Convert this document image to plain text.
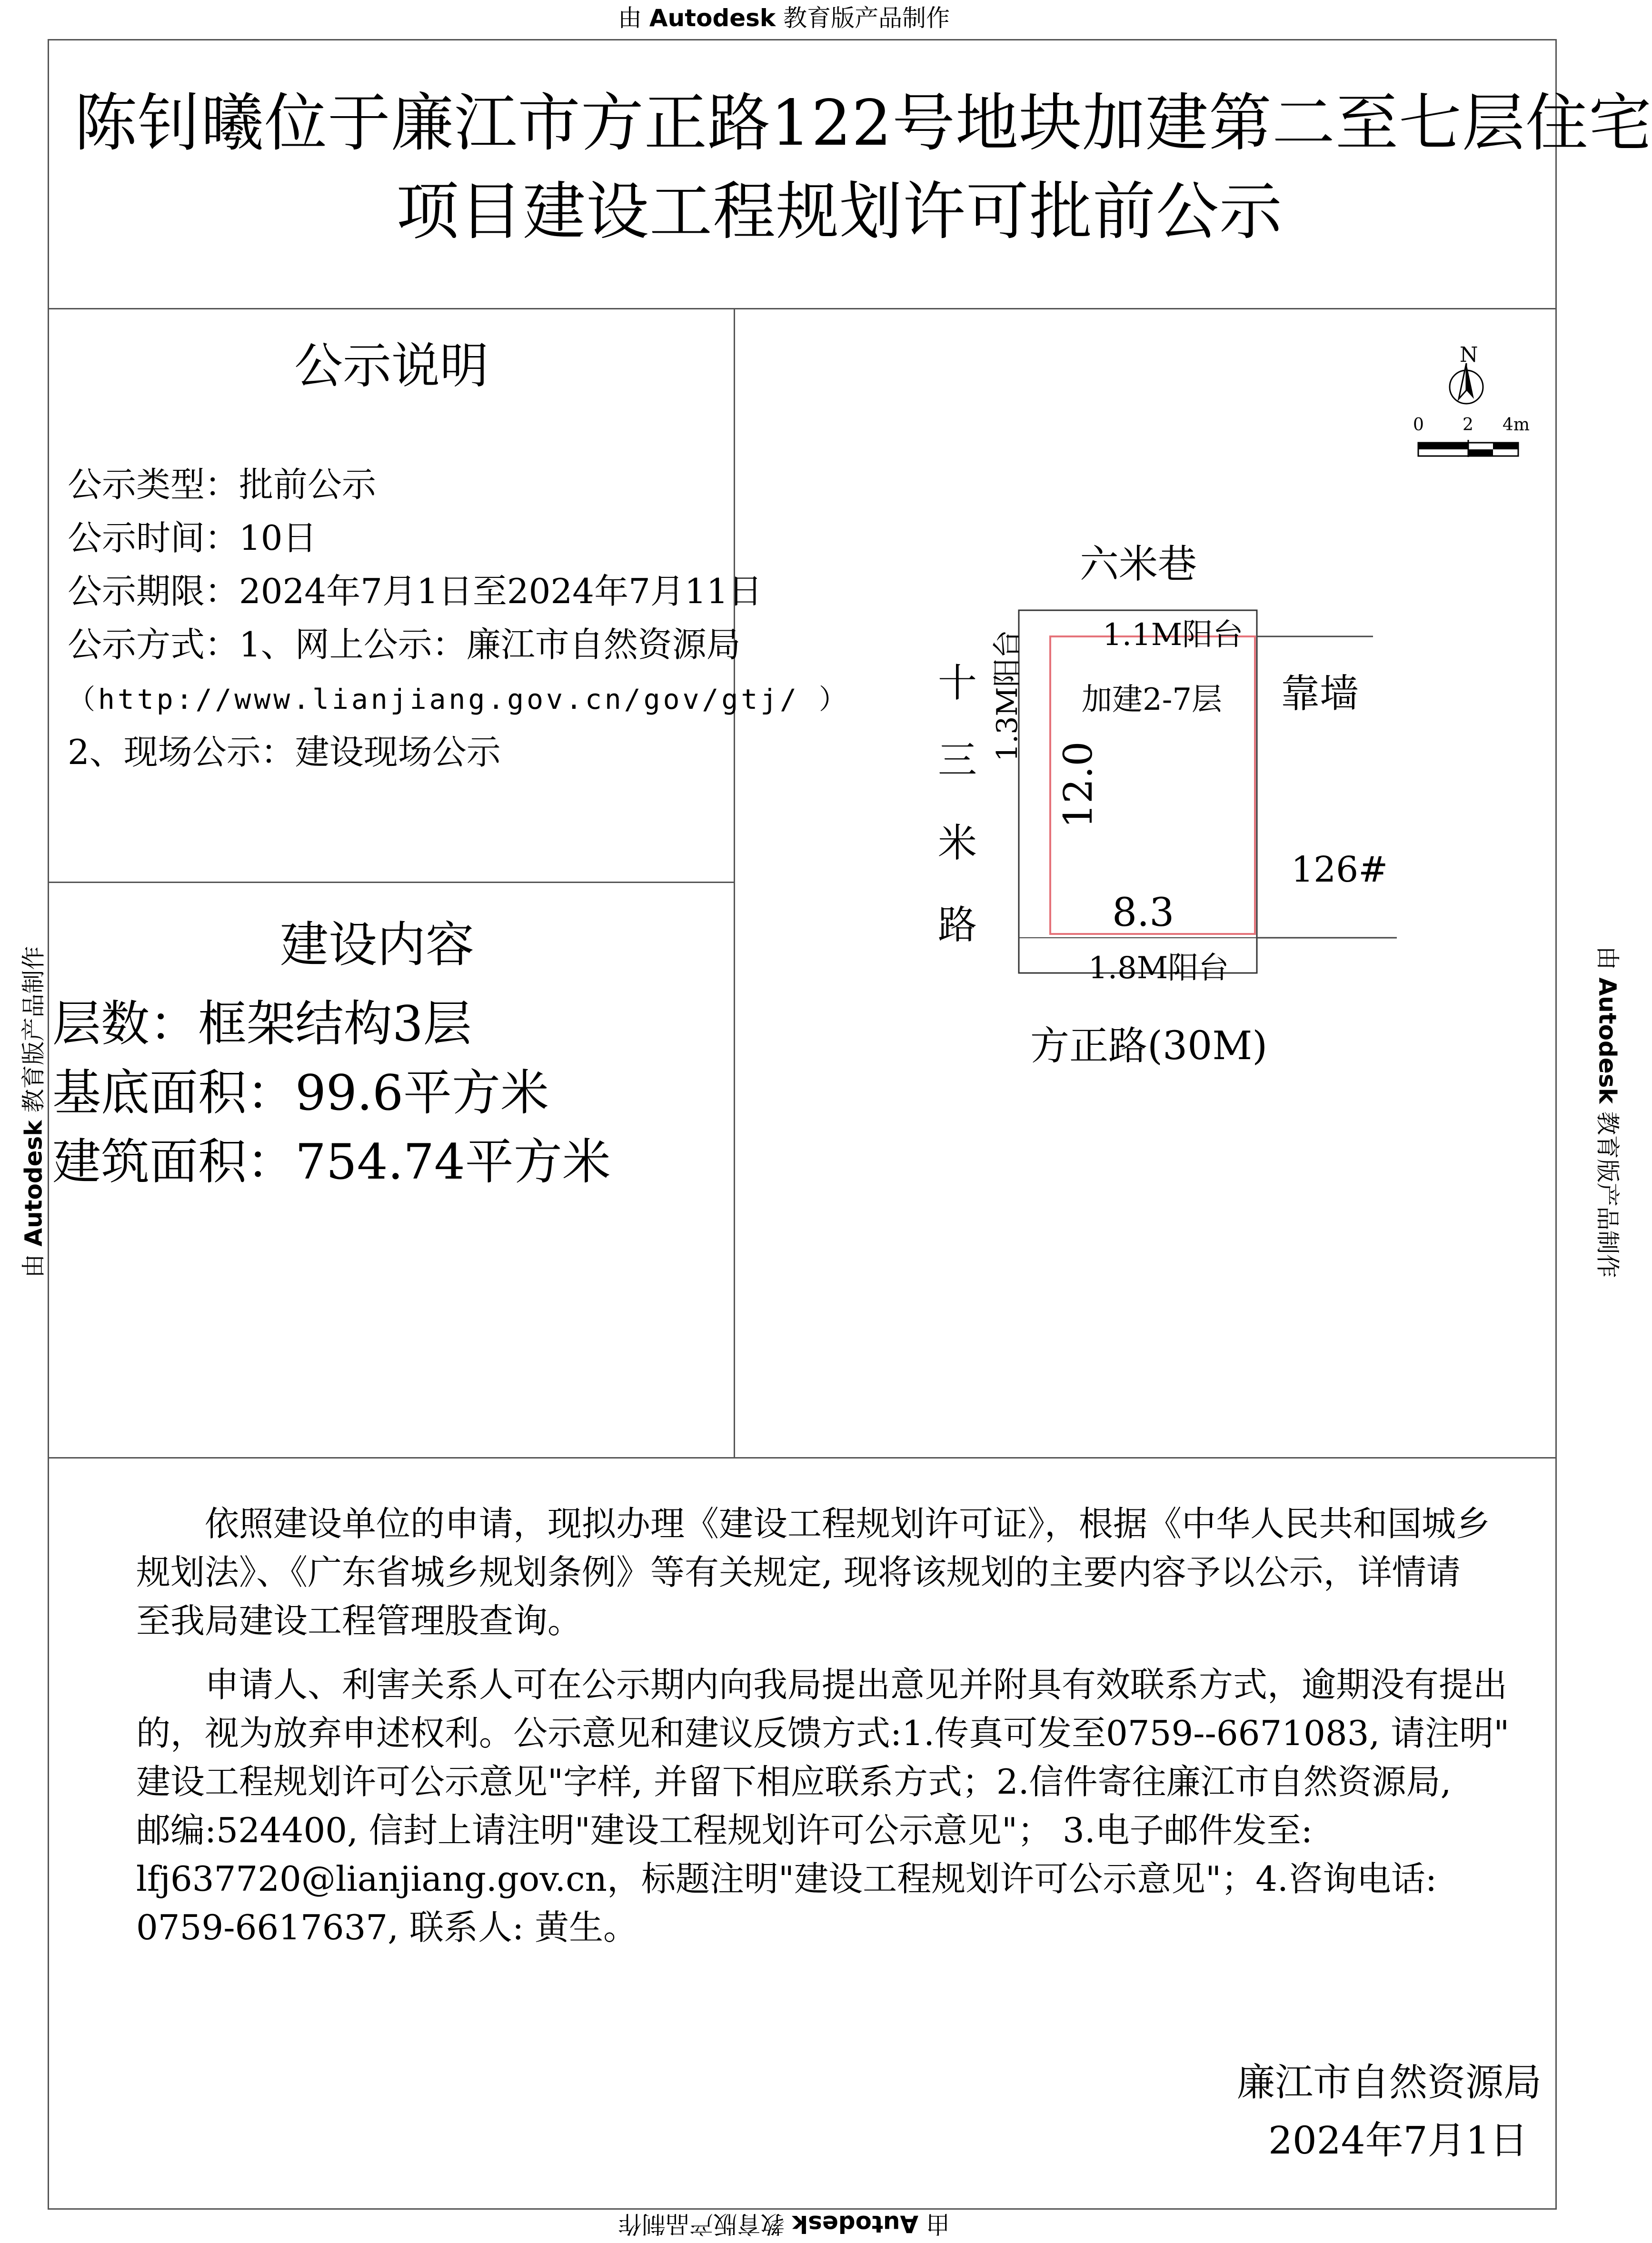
由 Autodesk 教育版产品制作
由 Autodesk 教育版产品制作
由 Autodesk 教育版产品制作	由 Autodesk 教育版产品制作
陈钊曦位于廉江市方正路122号地块加建第二至七层住宅
项目建设工程规划许可批前公示
公示说明
公示类型：批前公示
公示时间：10日
公示期限：2024年7月1日至2024年7月11日
公示方式：1、网上公示：廉江市自然资源局
（http://www.lianjiang.gov.cn/gov/gtj/ ）
2、现场公示：建设现场公示
建设内容
层数：框架结构3层
基底面积：99.6平方米
建筑面积：754.74平方米
N
0 2 4m
六米巷
方正路(30M)
十
三
米
路
1.1M阳台
1.8M阳台
1.3M阳台 加建2-7层
12.0
8.3
靠墙
126#

依照建设单位的申请，现拟办理《建设工程规划许可证》，根据《中华人民共和国城乡

规划法》、《广东省城乡规划条例》等有关规定, 现将该规划的主要内容予以公示，详情请

至我局建设工程管理股查询。

申请人、利害关系人可在公示期内向我局提出意见并附具有效联系方式，逾期没有提出

的，视为放弃申述权利。公示意见和建议反馈方式:1.传真可发至0759--6671083, 请注明"

建设工程规划许可公示意见"字样, 并留下相应联系方式；2.信件寄往廉江市自然资源局,

邮编:524400, 信封上请注明"建设工程规划许可公示意见"； 3.电子邮件发至:

lfj637720@lianjiang.gov.cn，标题注明"建设工程规划许可公示意见"；4.咨询电话:

0759-6617637, 联系人: 黄生。

廉江市自然资源局
2024年7月1日
